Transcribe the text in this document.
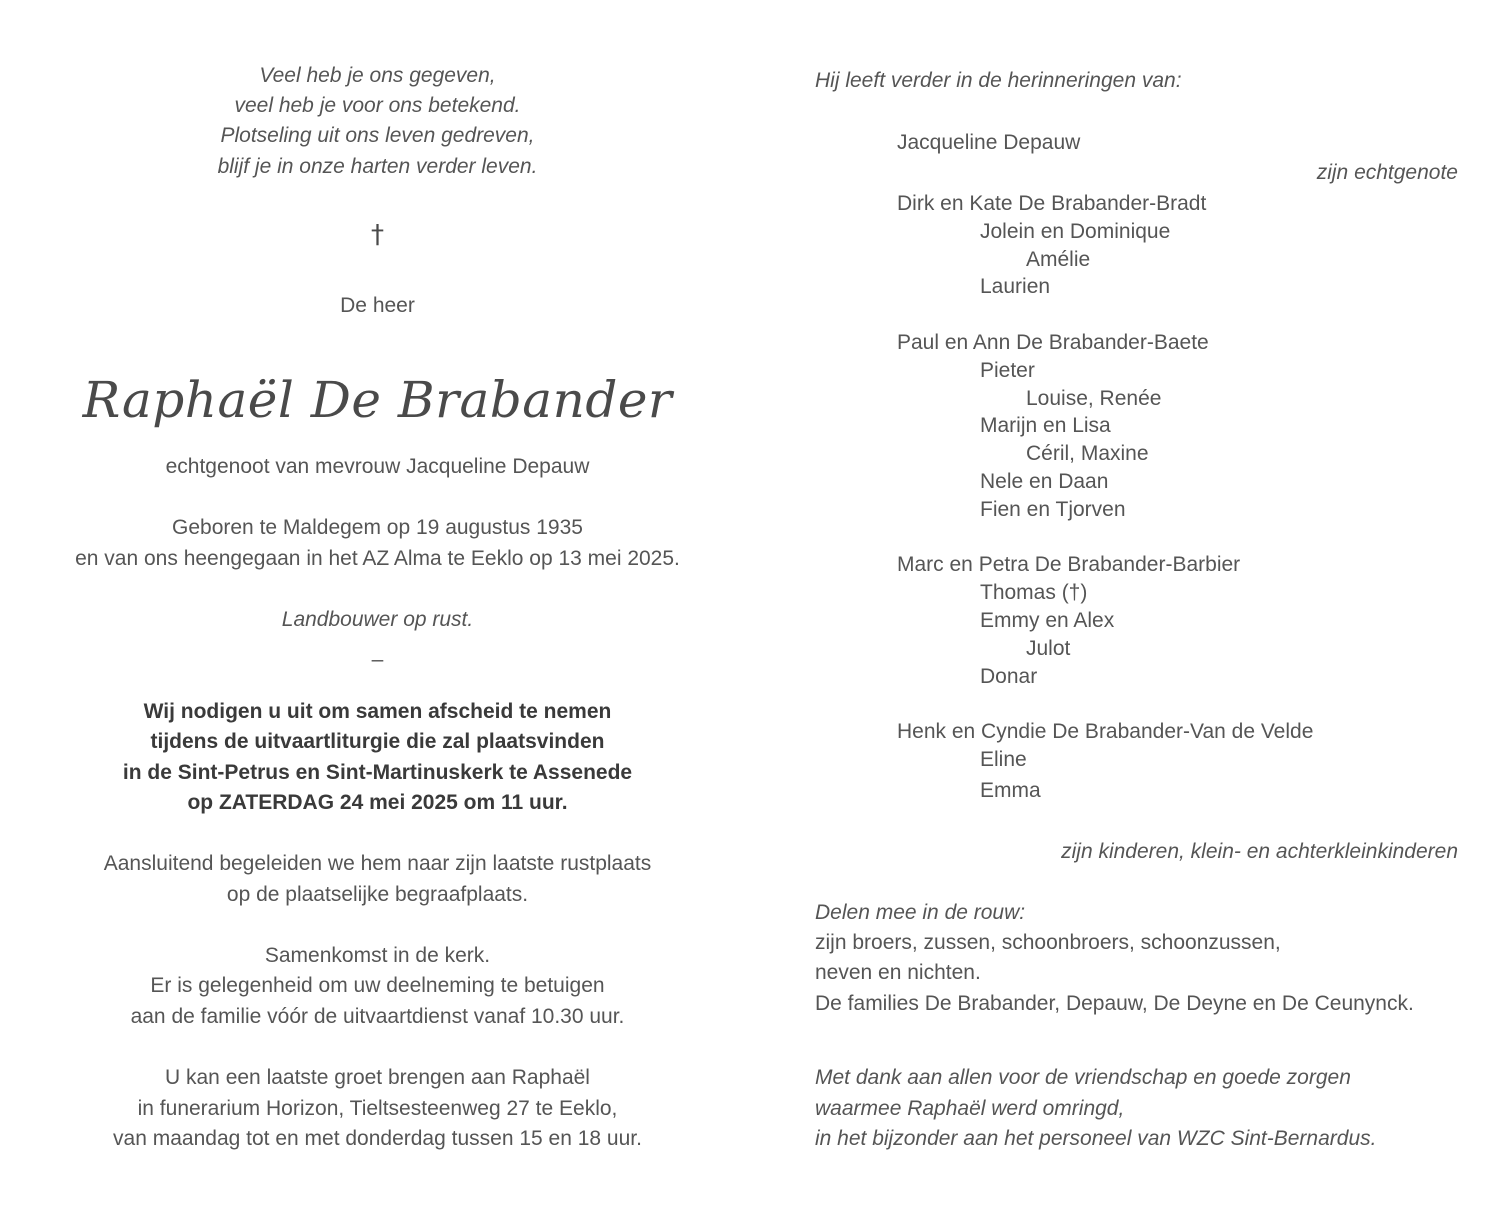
Veel heb je ons gegeven,
veel heb je voor ons betekend.
Plotseling uit ons leven gedreven,
blijf je in onze harten verder leven.
†
De heer
Raphaël De Brabander
echtgenoot van mevrouw Jacqueline Depauw
Geboren te Maldegem op 19 augustus 1935
en van ons heengegaan in het AZ Alma te Eeklo op 13 mei 2025.
Landbouwer op rust.
–
Wij nodigen u uit om samen afscheid te nemen
tijdens de uitvaartliturgie die zal plaatsvinden
in de Sint-Petrus en Sint-Martinuskerk te Assenede
op ZATERDAG 24 mei 2025 om 11 uur.
Aansluitend begeleiden we hem naar zijn laatste rustplaats
op de plaatselijke begraafplaats.
Samenkomst in de kerk.
Er is gelegenheid om uw deelneming te betuigen
aan de familie vóór de uitvaartdienst vanaf 10.30 uur.
U kan een laatste groet brengen aan Raphaël
in funerarium Horizon, Tieltsesteenweg 27 te Eeklo,
van maandag tot en met donderdag tussen 15 en 18 uur.
Hij leeft verder in de herinneringen van:
Jacqueline Depauw
zijn echtgenote
Dirk en Kate De Brabander-Bradt
Jolein en Dominique
Amélie
Laurien
Paul en Ann De Brabander-Baete
Pieter
Louise, Renée
Marijn en Lisa
Céril, Maxine
Nele en Daan
Fien en Tjorven
Marc en Petra De Brabander-Barbier
Thomas (†)
Emmy en Alex
Julot
Donar
Henk en Cyndie De Brabander-Van de Velde
Eline
Emma
zijn kinderen, klein- en achterkleinkinderen
Delen mee in de rouw:
zijn broers, zussen, schoonbroers, schoonzussen,
neven en nichten.
De families De Brabander, Depauw, De Deyne en De Ceunynck.
Met dank aan allen voor de vriendschap en goede zorgen
waarmee Raphaël werd omringd,
in het bijzonder aan het personeel van WZC Sint-Bernardus.
